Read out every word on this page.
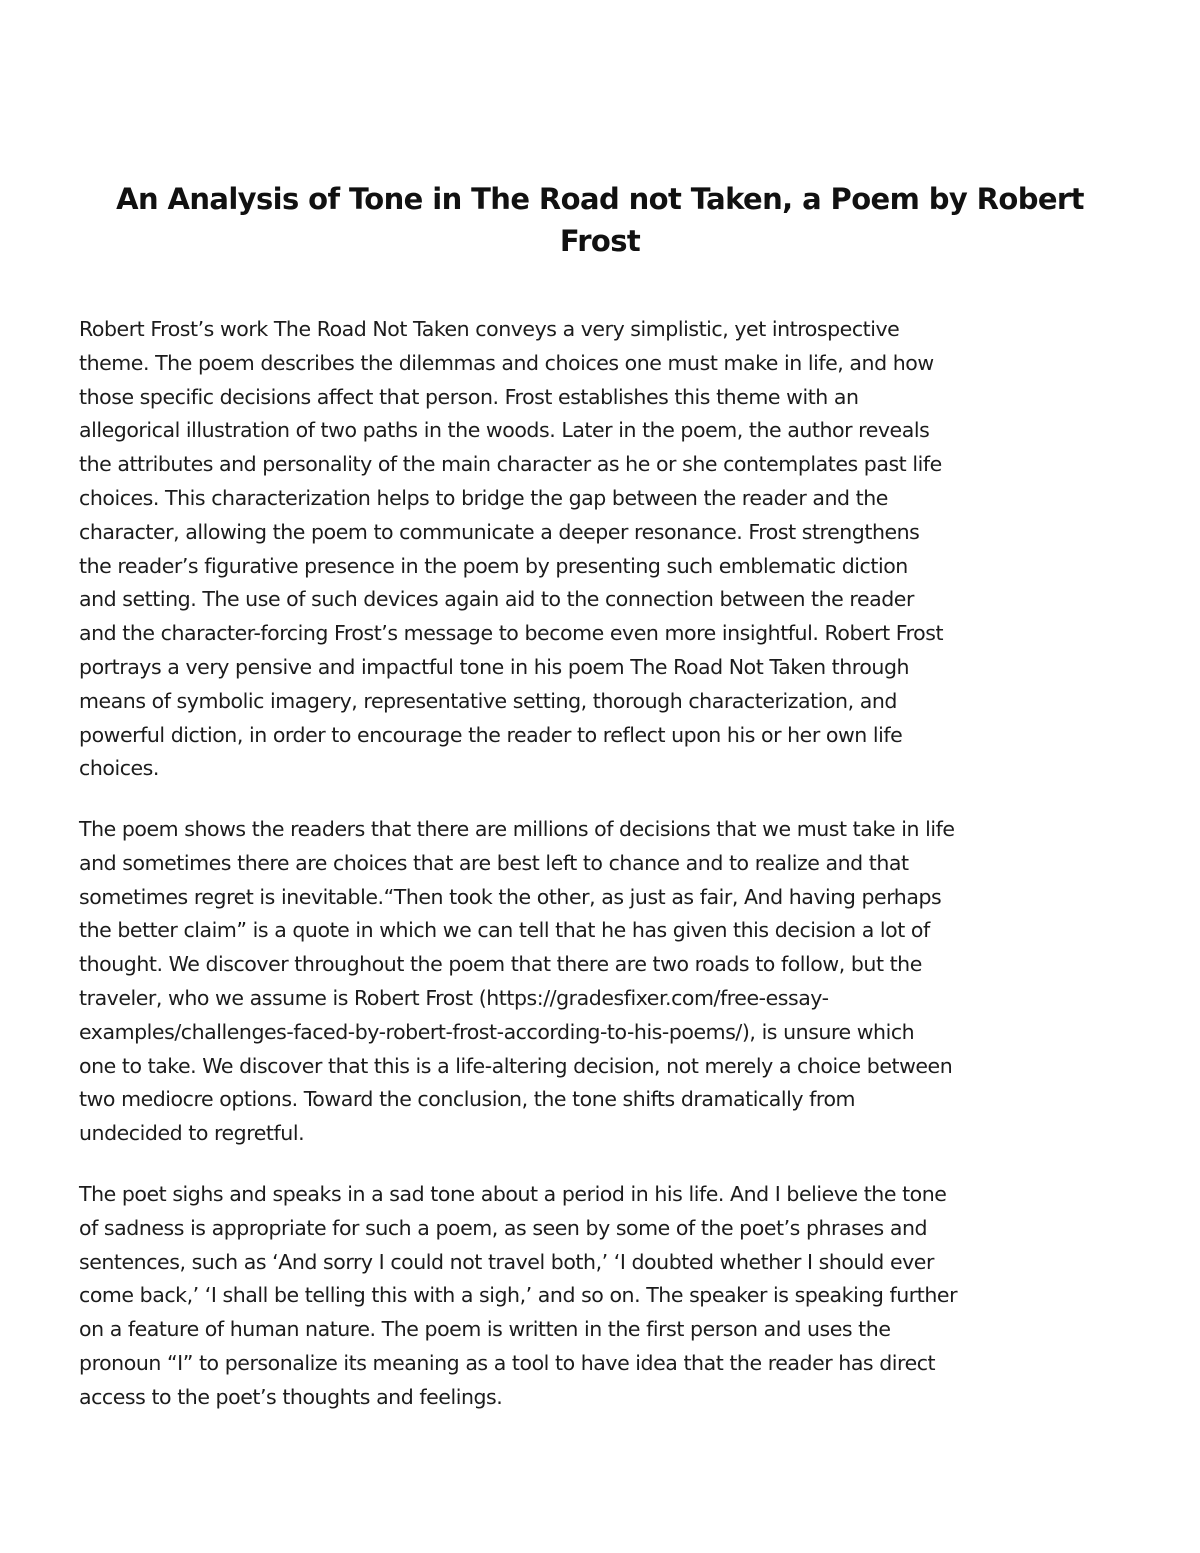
An Analysis of Tone in The Road not Taken, a Poem by Robert
Frost
Robert Frost’s work The Road Not Taken conveys a very simplistic, yet introspective
theme. The poem describes the dilemmas and choices one must make in life, and how
those specific decisions affect that person. Frost establishes this theme with an
allegorical illustration of two paths in the woods. Later in the poem, the author reveals
the attributes and personality of the main character as he or she contemplates past life
choices. This characterization helps to bridge the gap between the reader and the
character, allowing the poem to communicate a deeper resonance. Frost strengthens
the reader’s figurative presence in the poem by presenting such emblematic diction
and setting. The use of such devices again aid to the connection between the reader
and the character-forcing Frost’s message to become even more insightful. Robert Frost
portrays a very pensive and impactful tone in his poem The Road Not Taken through
means of symbolic imagery, representative setting, thorough characterization, and
powerful diction, in order to encourage the reader to reflect upon his or her own life
choices.
The poem shows the readers that there are millions of decisions that we must take in life
and sometimes there are choices that are best left to chance and to realize and that
sometimes regret is inevitable.“Then took the other, as just as fair, And having perhaps
the better claim” is a quote in which we can tell that he has given this decision a lot of
thought. We discover throughout the poem that there are two roads to follow, but the
traveler, who we assume is Robert Frost (https://gradesfixer.com/free-essay-
examples/challenges-faced-by-robert-frost-according-to-his-poems/), is unsure which
one to take. We discover that this is a life-altering decision, not merely a choice between
two mediocre options. Toward the conclusion, the tone shifts dramatically from
undecided to regretful.
The poet sighs and speaks in a sad tone about a period in his life. And I believe the tone
of sadness is appropriate for such a poem, as seen by some of the poet’s phrases and
sentences, such as ‘And sorry I could not travel both,’ ‘I doubted whether I should ever
come back,’ ‘I shall be telling this with a sigh,’ and so on. The speaker is speaking further
on a feature of human nature. The poem is written in the first person and uses the
pronoun “I” to personalize its meaning as a tool to have idea that the reader has direct
access to the poet’s thoughts and feelings.
